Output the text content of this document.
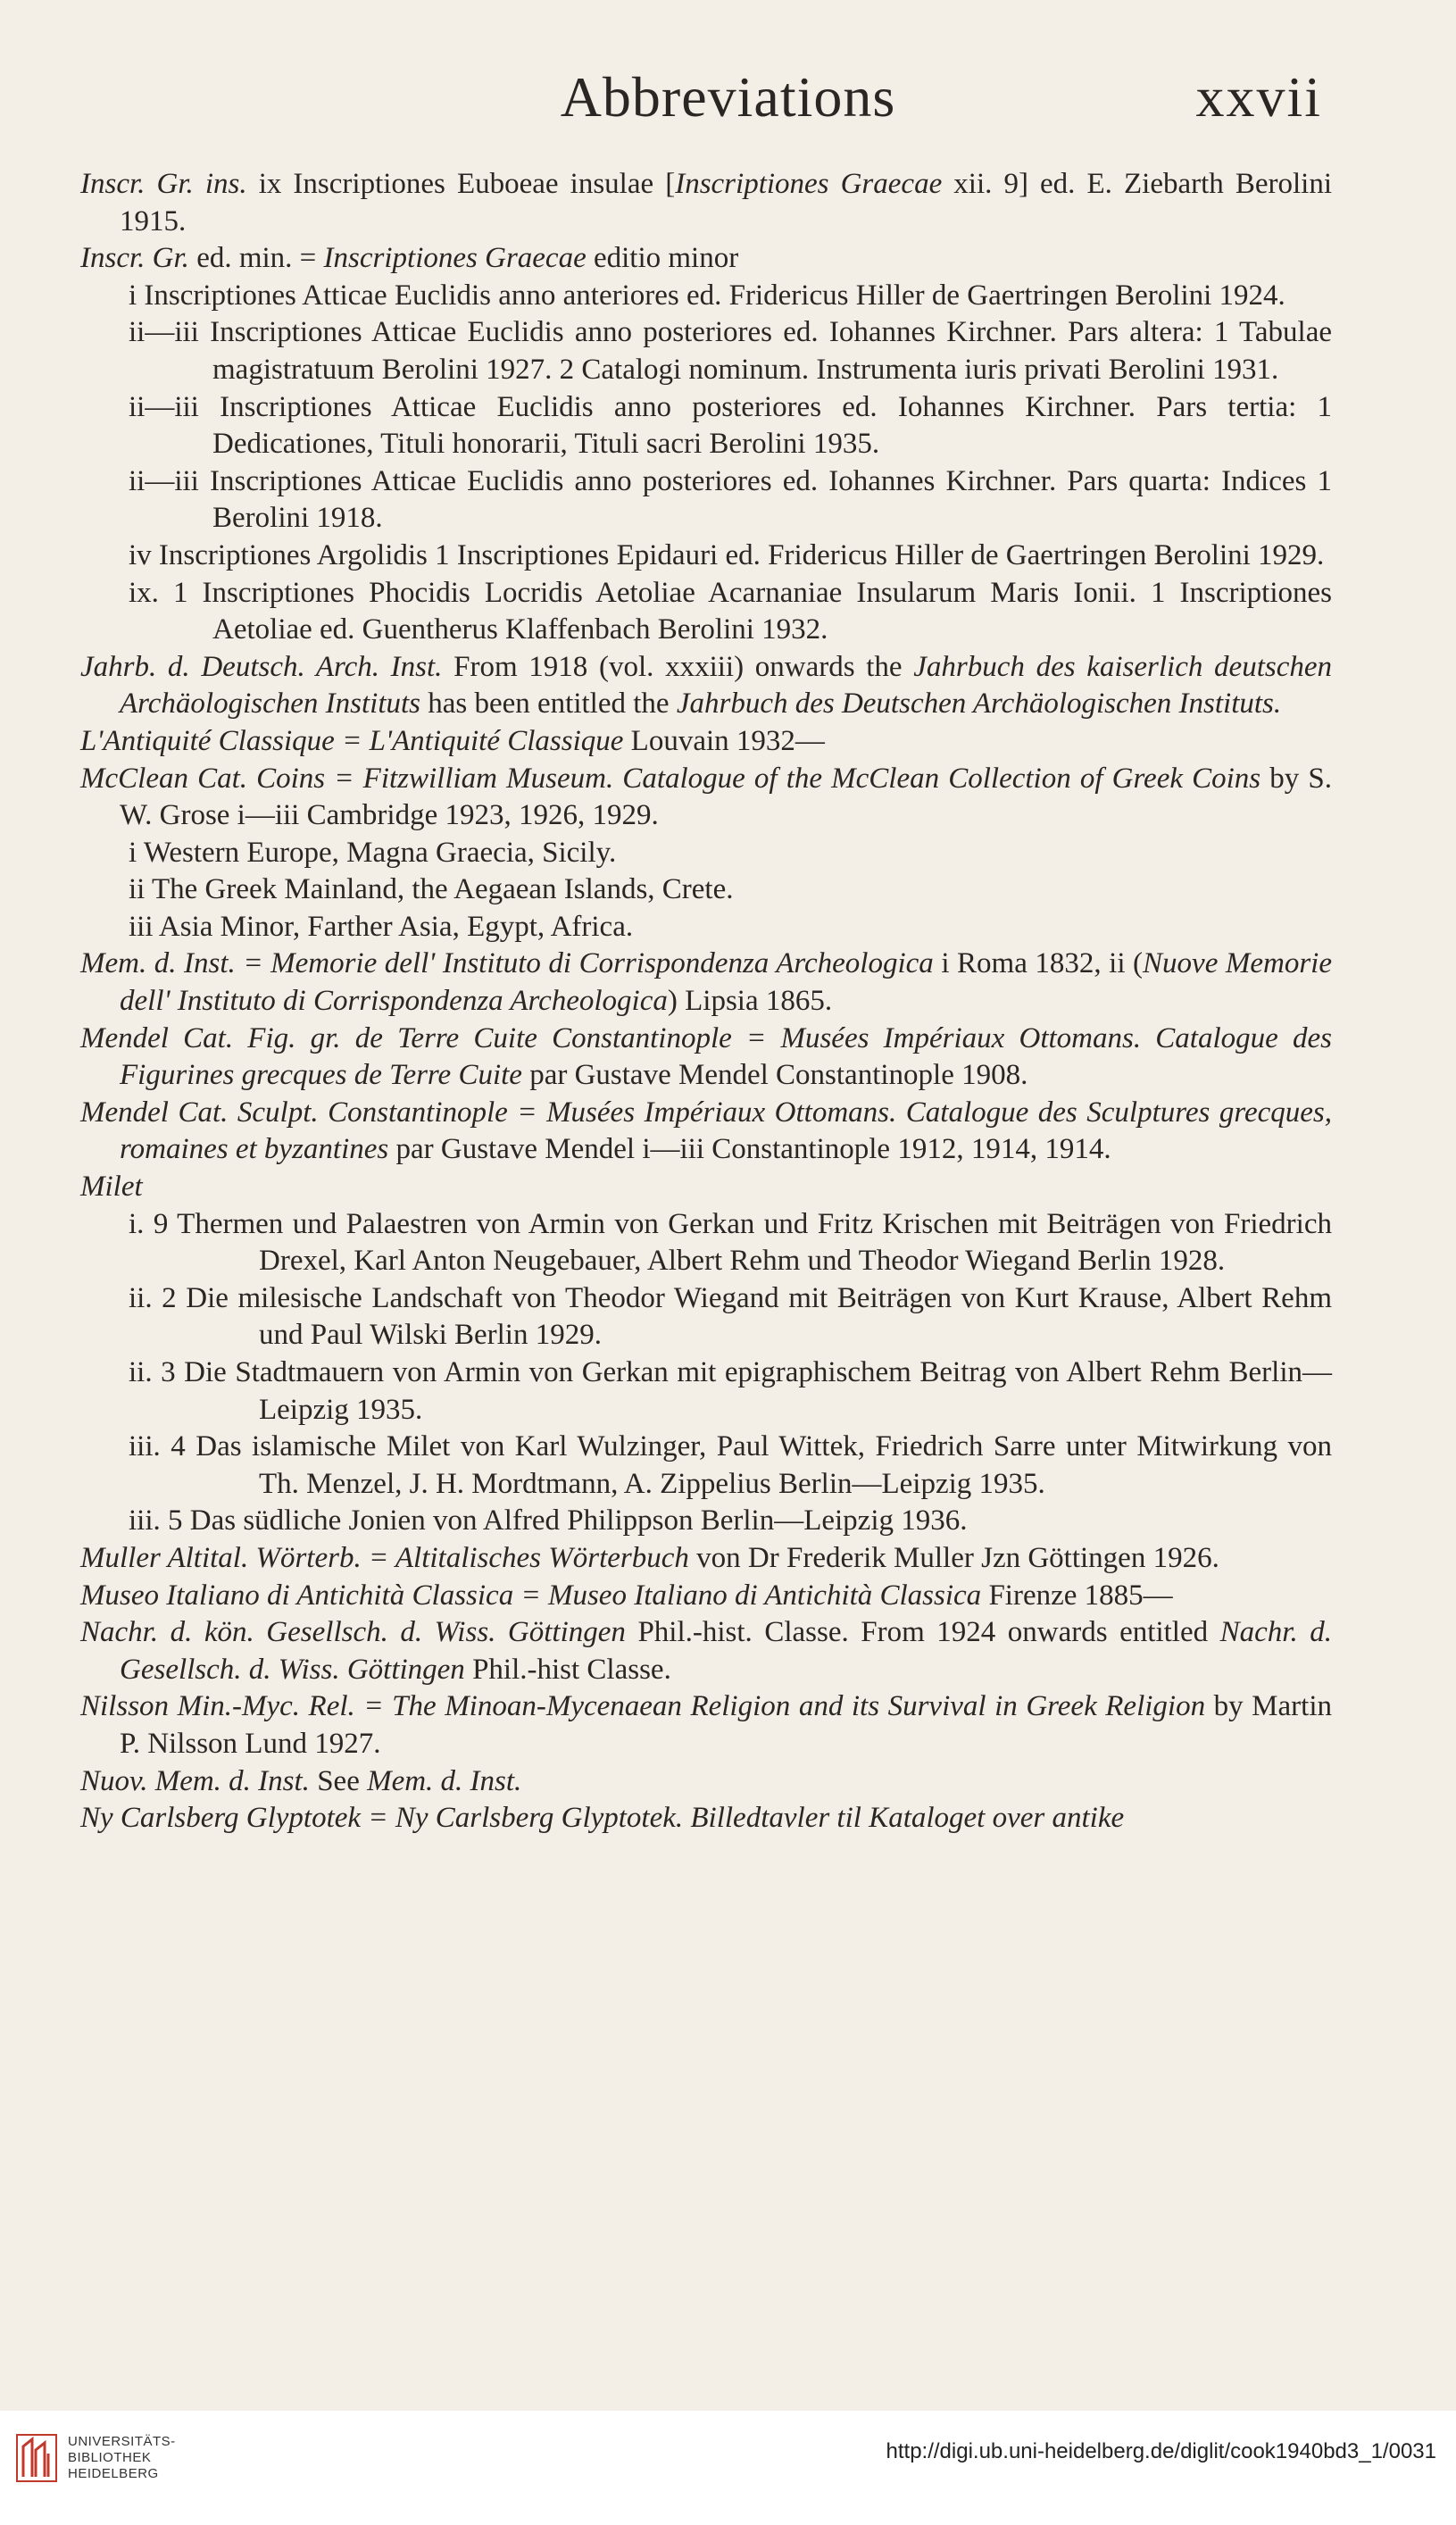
Abbreviations	xxvii

Inscr. Gr. ins. ix Inscriptiones Euboeae insulae [Inscriptiones Graecae xii. 9] ed. E. Ziebarth Berolini 1915.

Inscr. Gr. ed. min. = Inscriptiones Graecae editio minor

i Inscriptiones Atticae Euclidis anno anteriores ed. Fridericus Hiller de Gaertringen Berolini 1924.

ii—iii Inscriptiones Atticae Euclidis anno posteriores ed. Iohannes Kirchner. Pars altera: 1 Tabulae magistratuum Berolini 1927. 2 Catalogi nominum. Instrumenta iuris privati Berolini 1931.

ii—iii Inscriptiones Atticae Euclidis anno posteriores ed. Iohannes Kirchner. Pars tertia: 1 Dedicationes, Tituli honorarii, Tituli sacri Berolini 1935.

ii—iii Inscriptiones Atticae Euclidis anno posteriores ed. Iohannes Kirchner. Pars quarta: Indices 1 Berolini 1918.

iv Inscriptiones Argolidis 1 Inscriptiones Epidauri ed. Fridericus Hiller de Gaertringen Berolini 1929.

ix. 1 Inscriptiones Phocidis Locridis Aetoliae Acarnaniae Insularum Maris Ionii. 1 Inscriptiones Aetoliae ed. Guentherus Klaffenbach Berolini 1932.

Jahrb. d. Deutsch. Arch. Inst. From 1918 (vol. xxxiii) onwards the Jahrbuch des kaiserlich deutschen Archäologischen Instituts has been entitled the Jahrbuch des Deutschen Archäologischen Instituts.

L'Antiquité Classique = L'Antiquité Classique Louvain 1932—

McClean Cat. Coins = Fitzwilliam Museum. Catalogue of the McClean Collection of Greek Coins by S. W. Grose i—iii Cambridge 1923, 1926, 1929.

i Western Europe, Magna Graecia, Sicily.

ii The Greek Mainland, the Aegaean Islands, Crete.

iii Asia Minor, Farther Asia, Egypt, Africa.

Mem. d. Inst. = Memorie dell' Instituto di Corrispondenza Archeologica i Roma 1832, ii (Nuove Memorie dell' Instituto di Corrispondenza Archeologica) Lipsia 1865.

Mendel Cat. Fig. gr. de Terre Cuite Constantinople = Musées Impériaux Ottomans. Catalogue des Figurines grecques de Terre Cuite par Gustave Mendel Constantinople 1908.

Mendel Cat. Sculpt. Constantinople = Musées Impériaux Ottomans. Catalogue des Sculptures grecques, romaines et byzantines par Gustave Mendel i—iii Constantinople 1912, 1914, 1914.

Milet

i. 9 Thermen und Palaestren von Armin von Gerkan und Fritz Krischen mit Beiträgen von Friedrich Drexel, Karl Anton Neugebauer, Albert Rehm und Theodor Wiegand Berlin 1928.

ii. 2 Die milesische Landschaft von Theodor Wiegand mit Beiträgen von Kurt Krause, Albert Rehm und Paul Wilski Berlin 1929.

ii. 3 Die Stadtmauern von Armin von Gerkan mit epigraphischem Beitrag von Albert Rehm Berlin—Leipzig 1935.

iii. 4 Das islamische Milet von Karl Wulzinger, Paul Wittek, Friedrich Sarre unter Mitwirkung von Th. Menzel, J. H. Mordtmann, A. Zippelius Berlin—Leipzig 1935.

iii. 5 Das südliche Jonien von Alfred Philippson Berlin—Leipzig 1936.

Muller Altital. Wörterb. = Altitalisches Wörterbuch von Dr Frederik Muller Jzn Göttingen 1926.

Museo Italiano di Antichità Classica = Museo Italiano di Antichità Classica Firenze 1885—

Nachr. d. kön. Gesellsch. d. Wiss. Göttingen Phil.-hist. Classe. From 1924 onwards entitled Nachr. d. Gesellsch. d. Wiss. Göttingen Phil.-hist Classe.

Nilsson Min.-Myc. Rel. = The Minoan-Mycenaean Religion and its Survival in Greek Religion by Martin P. Nilsson Lund 1927.

Nuov. Mem. d. Inst. See Mem. d. Inst.

Ny Carlsberg Glyptotek = Ny Carlsberg Glyptotek. Billedtavler til Kataloget over antike

UNIVERSITÄTS-
BIBLIOTHEK
HEIDELBERG
http://digi.ub.uni-heidelberg.de/diglit/cook1940bd3_1/0031
